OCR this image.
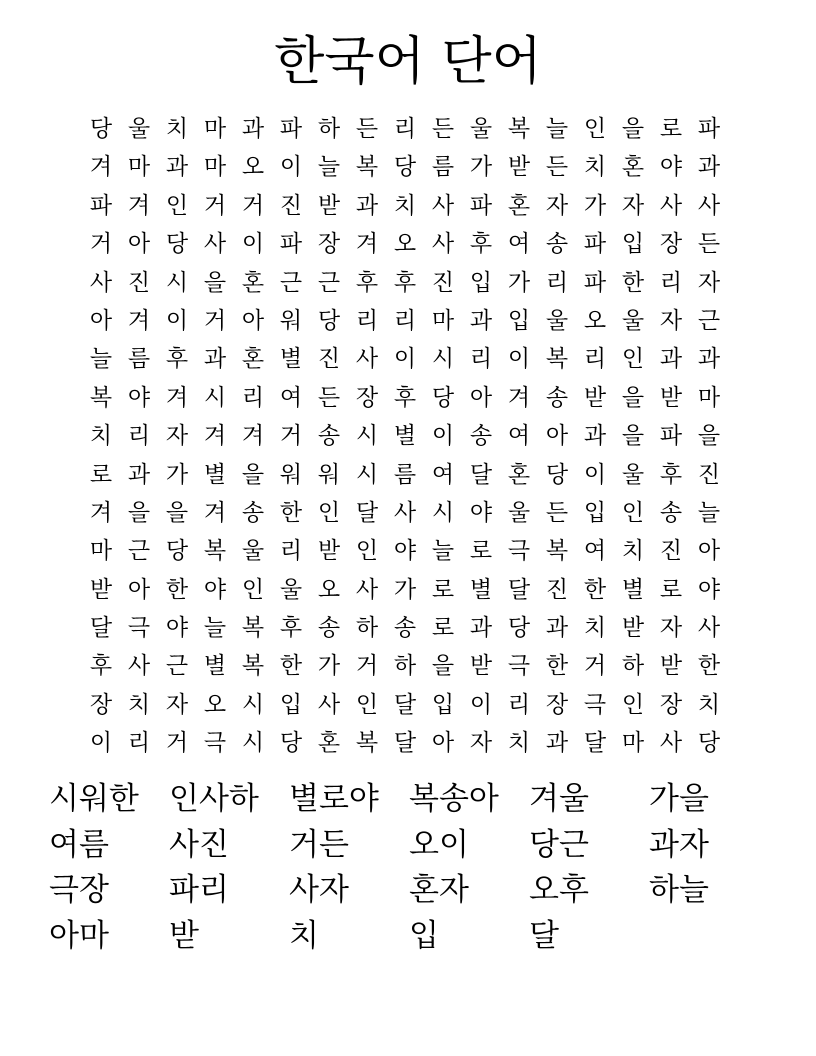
한국어 단어
당 울 치 마 과 파 하 든 리 든 울 복 늘 인 을 로 파
겨 마 과 마 오 이 늘 복 당 름 가 받 든 치 혼 야 과
파 겨 인 거 거 진 받 과 치 사 파 혼 자 가 자 사 사
거 아 당 사 이 파 장 겨 오 사 후 여 송 파 입 장 든
사 진 시 을 혼 근 근 후 후 진 입 가 리 파 한 리 자
아 겨 이 거 아 워 당 리 리 마 과 입 울 오 울 자 근
늘 름 후 과 혼 별 진 사 이 시 리 이 복 리 인 과 과
복 야 겨 시 리 여 든 장 후 당 아 겨 송 받 을 받 마
치 리 자 겨 겨 거 송 시 별 이 송 여 아 과 을 파 을
로 과 가 별 을 워 워 시 름 여 달 혼 당 이 울 후 진
겨 을 을 겨 송 한 인 달 사 시 야 울 든 입 인 송 늘
마 근 당 복 울 리 받 인 야 늘 로 극 복 여 치 진 아
받 아 한 야 인 울 오 사 가 로 별 달 진 한 별 로 야
달 극 야 늘 복 후 송 하 송 로 과 당 과 치 받 자 사
후 사 근 별 복 한 가 거 하 을 받 극 한 거 하 받 한
장 치 자 오 시 입 사 인 달 입 이 리 장 극 인 장 치
이 리 거 극 시 당 혼 복 달 아 자 치 과 달 마 사 당
시워한 인사하 별로야 복송아 겨울	가을
여름	사진	거든	오이	당근	과자
극장	파리	사자	혼자	오후	하늘
아마	받	치	입	달
